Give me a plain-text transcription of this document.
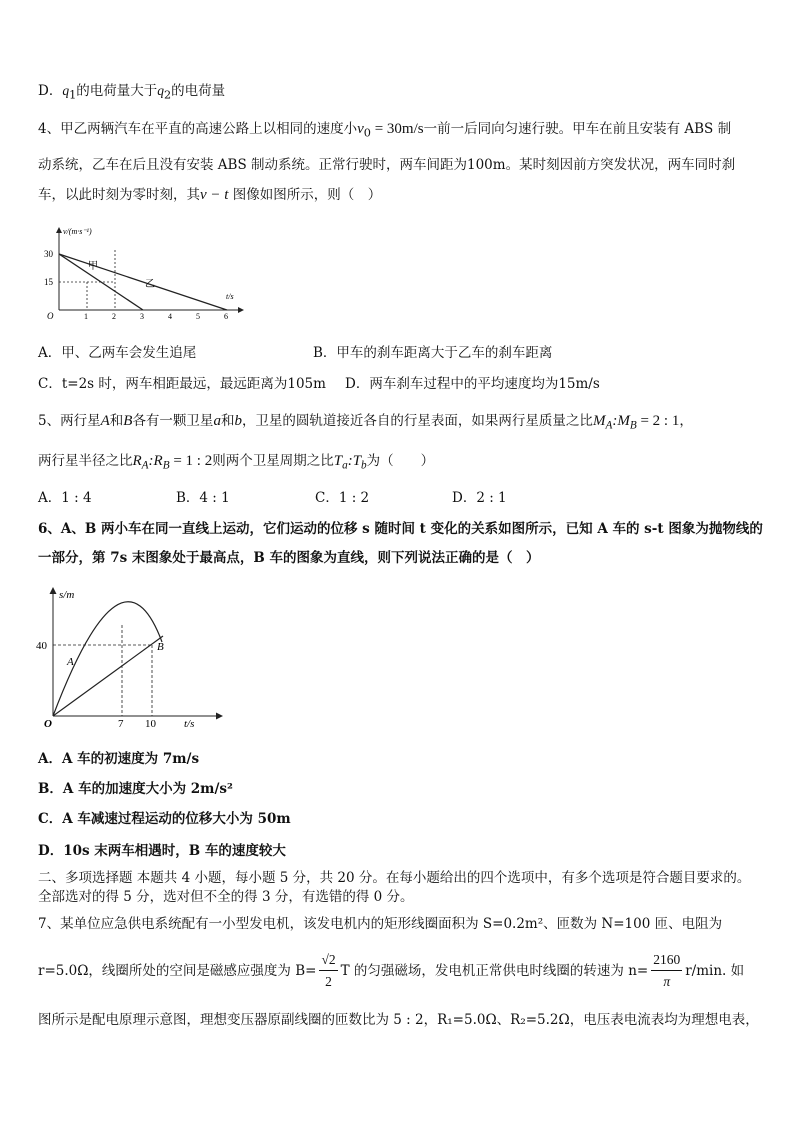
D．$q_1$的电荷量大于$q_2$的电荷量
4、甲乙两辆汽车在平直的高速公路上以相同的速度小$v_0 = 30m/s$一前一后同向匀速行驶。甲车在前且安装有 ABS 制
动系统，乙车在后且没有安装 ABS 制动系统。正常行驶时，两车间距为100m。某时刻因前方突发状况，两车同时刹
车，以此时刻为零时刻，其v − t 图像如图所示，则（　）
v/(m·s⁻¹)
t/s
O
30
15
甲
乙
1	2	3	4	5	6
A．甲、乙两车会发生追尾	B．甲车的刹车距离大于乙车的刹车距离
C．t=2s 时，两车相距最远，最远距离为105m D．两车刹车过程中的平均速度均为15m/s
5、两行星A和B各有一颗卫星a和b，卫星的圆轨道接近各自的行星表面，如果两行星质量之比$M_A:M_B = 2$ : 1，
两行星半径之比$R_A:R_B = 1$ : 2则两个卫星周期之比$T_a:T_b$为（　　）
A．1 : 4	B．4 : 1	C．1 : 2	D．2 : 1
6、A、B 两小车在同一直线上运动，它们运动的位移 s 随时间 t 变化的关系如图所示，已知 A 车的 s-t 图象为抛物线的
一部分，第 7s 末图象处于最高点，B 车的图象为直线，则下列说法正确的是（　）
s/m
40
O	7 10	t/s
A
B
A．A 车的初速度为 7m/s
B．A 车的加速度大小为 2m/s²
C．A 车减速过程运动的位移大小为 50m
D．10s 末两车相遇时，B 车的速度较大
二、多项选择题 本题共 4 小题，每小题 5 分，共 20 分。在每小题给出的四个选项中，有多个选项是符合题目要求的。
全部选对的得 5 分，选对但不全的得 3 分，有选错的得 0 分。
7、某单位应急供电系统配有一小型发电机，该发电机内的矩形线圈面积为 S=0.2m²、匝数为 N=100 匝、电阻为
r=5.0Ω，线圈所处的空间是磁感应强度为 $B= \frac{√2}{2}$ T 的匀强磁场，发电机正常供电时线圈的转速为 $n= \frac{2160}{\pi} r/\min$. 如
图所示是配电原理示意图，理想变压器原副线圈的匝数比为 5 : 2，R₁=5.0Ω、R₂=5.2Ω，电压表电流表均为理想电表，
